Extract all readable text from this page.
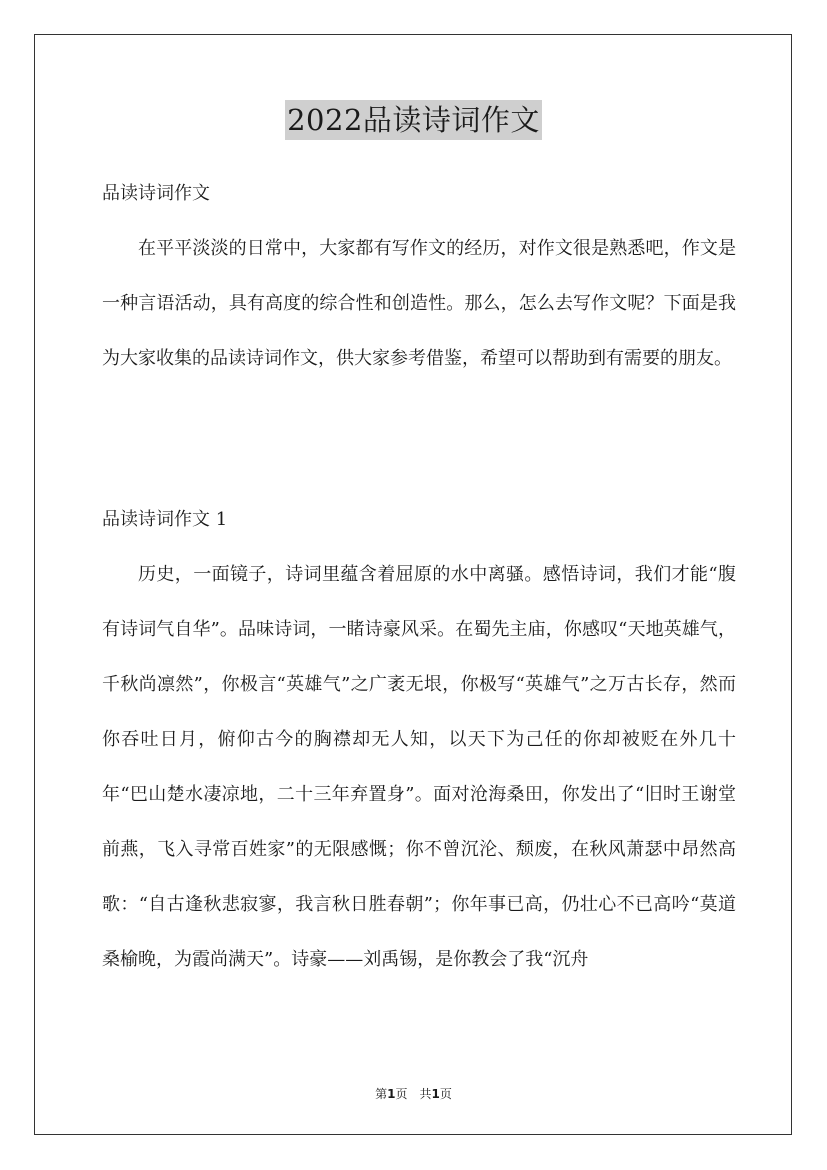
2022品读诗词作文
品读诗词作文

在平平淡淡的日常中，大家都有写作文的经历，对作文很是熟悉吧，作文是一种言语活动，具有高度的综合性和创造性。那么，怎么去写作文呢？下面是我为大家收集的品读诗词作文，供大家参考借鉴，希望可以帮助到有需要的朋友。

品读诗词作文 1

历史，一面镜子，诗词里蕴含着屈原的水中离骚。感悟诗词，我们才能“腹有诗词气自华”。品味诗词，一睹诗豪风采。在蜀先主庙，你感叹“天地英雄气，千秋尚凛然”，你极言“英雄气”之广袤无垠，你极写“英雄气”之万古长存，然而你吞吐日月，俯仰古今的胸襟却无人知，以天下为己任的你却被贬在外几十年“巴山楚水凄凉地，二十三年弃置身”。面对沧海桑田，你发出了“旧时王谢堂前燕，飞入寻常百姓家”的无限感慨；你不曾沉沦、颓废，在秋风萧瑟中昂然高歌：“自古逢秋悲寂寥，我言秋日胜春朝”；你年事已高，仍壮心不已高吟“莫道桑榆晚，为霞尚满天”。诗豪——刘禹锡，是你教会了我“沉舟

第1页　共1页
